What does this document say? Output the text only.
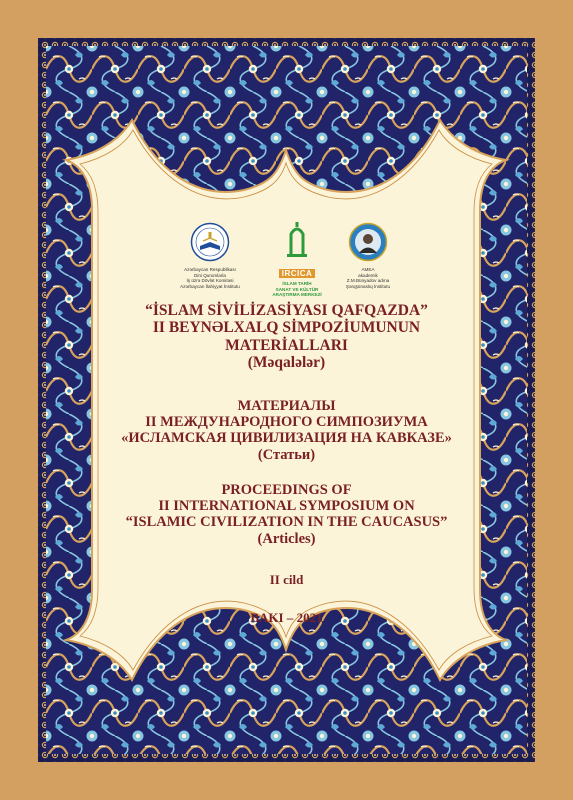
Azərbaycan Respublikası
Dini Qurumlarla
İş üzrə Dövlət Komitəsi
Azərbaycan İlahiyyat İnstitutu
IRCICA
İSLAM TARİH
SANAT VE KÜLTÜR
ARAŞTIRMA MERKEZİ
AMEA
akademik
Z.M.Bünyadov adına
Şərqşünaslıq İnstitutu
“İSLAM SİVİLİZASİYASI QAFQAZDA”
II BEYNƏLXALQ SİMPOZİUMUNUN
MATERİALLARI
(Məqalələr)
МАТЕРИАЛЫ
II МЕЖДУНАРОДНОГО СИМПОЗИУМА
«ИСЛАМСКАЯ ЦИВИЛИЗАЦИЯ НА КАВКАЗЕ»
(Статьи)
PROCEEDINGS OF
II INTERNATIONAL SYMPOSIUM ON
“ISLAMIC CIVILIZATION IN THE CAUCASUS”
(Articles)
II cild
BAKI – 2021
